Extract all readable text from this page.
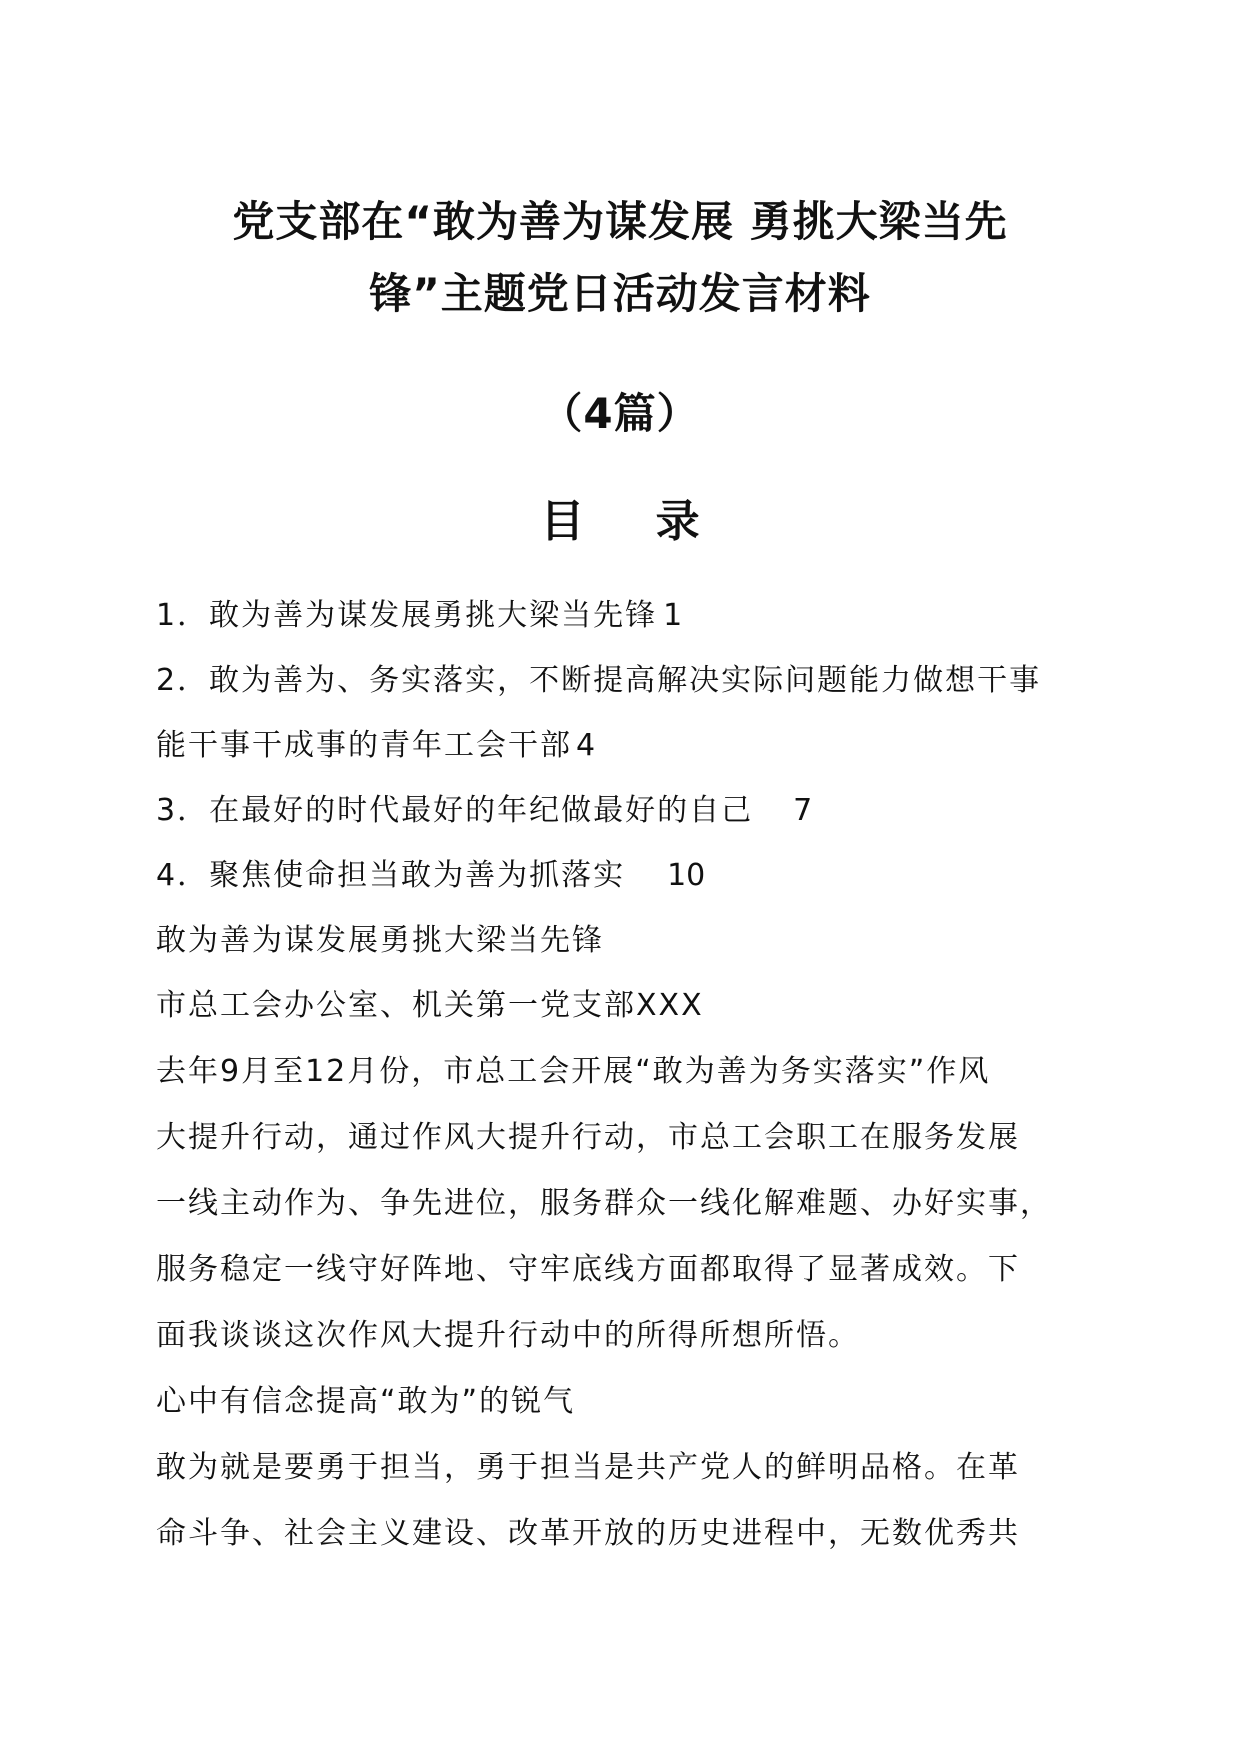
党支部在“敢为善为谋发展 勇挑大梁当先
锋”主题党日活动发言材料
（4篇）
目 录
1．敢为善为谋发展勇挑大梁当先锋 1
2．敢为善为、务实落实，不断提高解决实际问题能力做想干事
能干事干成事的青年工会干部 4
3．在最好的时代最好的年纪做最好的自己 7
4．聚焦使命担当敢为善为抓落实 10
敢为善为谋发展勇挑大梁当先锋
市总工会办公室、机关第一党支部XXX
去年9月至12月份，市总工会开展“敢为善为务实落实”作风
大提升行动，通过作风大提升行动，市总工会职工在服务发展
一线主动作为、争先进位，服务群众一线化解难题、办好实事，
服务稳定一线守好阵地、守牢底线方面都取得了显著成效。下
面我谈谈这次作风大提升行动中的所得所想所悟。
心中有信念提高“敢为”的锐气
敢为就是要勇于担当，勇于担当是共产党人的鲜明品格。在革
命斗争、社会主义建设、改革开放的历史进程中，无数优秀共
